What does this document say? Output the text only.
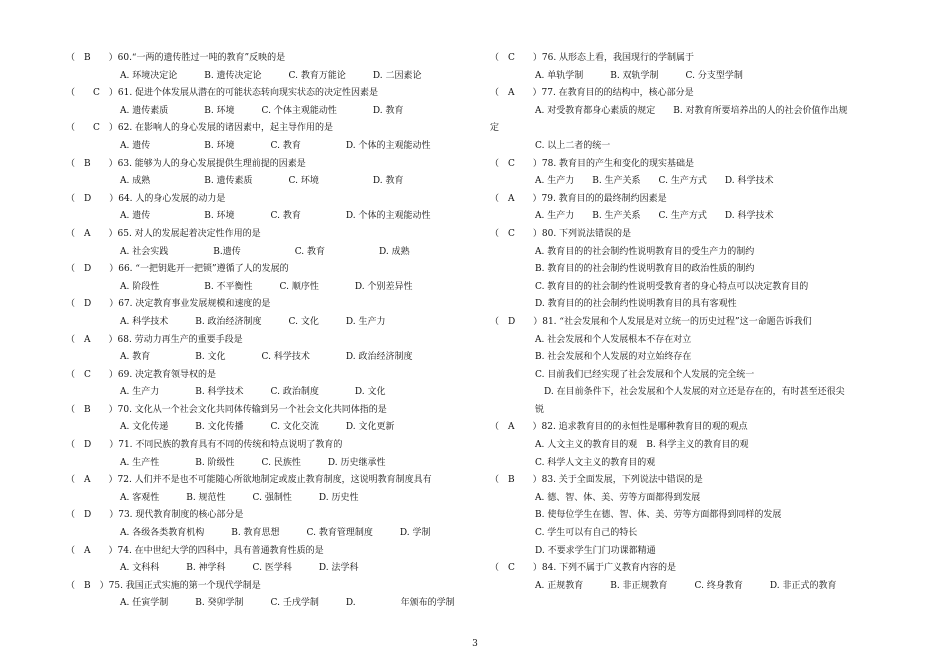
（　B　　）60.“一两的遗传胜过一吨的教育”反映的是
　　　　　　A. 环境决定论　　　B. 遗传决定论　　　C. 教育万能论　　　D. 二因素论
（　　C　）61. 促进个体发展从潜在的可能状态转向现实状态的决定性因素是
　　　　　　A. 遗传素质　　　　B. 环境　　　C. 个体主观能动性　　　　D. 教育
（　　C　）62. 在影响人的身心发展的诸因素中，起主导作用的是
　　　　　　A. 遗传　　　　　　B. 环境　　　　C. 教育　　　　　D. 个体的主观能动性
（　B　　）63. 能够为人的身心发展提供生理前提的因素是
　　　　　　A. 成熟　　　　　　B. 遗传素质　　　　C. 环境　　　　　　D. 教育
（　D　　）64. 人的身心发展的动力是
　　　　　　A. 遗传　　　　　　B. 环境　　　　C. 教育　　　　　D. 个体的主观能动性
（　A　　）65. 对人的发展起着决定性作用的是
　　　　　　A. 社会实践　　　　　B.遗传　　　　　　C. 教育　　　　　　D. 成熟
（　D　　）66. “一把钥匙开一把锁”遵循了人的发展的
　　　　　　A. 阶段性　　　　　B. 不平衡性　　　C. 顺序性　　　　D. 个别差异性
（　D　　）67. 决定教育事业发展规模和速度的是
　　　　　　A. 科学技术　　　B. 政治经济制度　　　C. 文化　　　D. 生产力
（　A　　）68. 劳动力再生产的重要手段是
　　　　　　A. 教育　　　　　B. 文化　　　　C. 科学技术　　　　D. 政治经济制度
（　C　　）69. 决定教育领导权的是
　　　　　　A. 生产力　　　　B. 科学技术　　　C. 政治制度　　　　D. 文化
（　B　　）70. 文化从一个社会文化共同体传输到另一个社会文化共同体指的是
　　　　　　A. 文化传递　　　B. 文化传播　　　C. 文化交流　　　D. 文化更新
（　D　　）71. 不同民族的教育具有不同的传统和特点说明了教育的
　　　　　　A. 生产性　　　　B. 阶级性　　　C. 民族性　　　D. 历史继承性
（　A　　）72. 人们并不是也不可能随心所欲地制定或废止教育制度，这说明教育制度具有
　　　　　　A. 客观性　　　B. 规范性　　　C. 强制性　　　D. 历史性
（　D　　）73. 现代教育制度的核心部分是
　　　　　　A. 各级各类教育机构　　　B. 教育思想　　　C. 教育管理制度　　　D. 学制
（　A　　）74. 在中世纪大学的四科中，具有普通教育性质的是
　　　　　　A. 文科科　　　B. 神学科　　　C. 医学科　　　D. 法学科
（　B　）75. 我国正式实施的第一个现代学制是
　　　　　　A. 任寅学制　　　B. 癸卯学制　　　C. 壬戌学制　　　D.　　　　　年颁布的学制
（　C　　）76. 从形态上看，我国现行的学制属于
　　　　　A. 单轨学制　　　B. 双轨学制　　　C. 分支型学制
（　A　　）77. 在教育目的的结构中，核心部分是
　　　　　A. 对受教育都身心素质的规定　　B. 对教育所要培养出的人的社会价值作出规
定
　　　　　C. 以上二者的统一
（　C　　）78. 教育目的产生和变化的现实基础是
　　　　　A. 生产力　　B. 生产关系　　C. 生产方式　　D. 科学技术
（　A　　）79. 教育目的的最终制约因素是
　　　　　A. 生产力　　B. 生产关系　　C. 生产方式　　D. 科学技术
（　C　　）80. 下列说法错误的是
　　　　　A. 教育目的的社会制约性说明教育目的受生产力的制约
　　　　　B. 教育目的的社会制约性说明教育目的政治性质的制约
　　　　　C. 教育目的的社会制约性说明受教育者的身心特点可以决定教育目的
　　　　　D. 教育目的的社会制约性说明教育目的具有客观性
（　D　　）81. “社会发展和个人发展是对立统一的历史过程”这一命题告诉我们
　　　　　A. 社会发展和个人发展根本不存在对立
　　　　　B. 社会发展和个人发展的对立始终存在
　　　　　C. 目前我们已经实现了社会发展和个人发展的完全统一
　　　　　　D. 在目前条件下，社会发展和个人发展的对立还是存在的，有时甚至还很尖
　　　　　锐
（　A　　）82. 追求教育目的的永恒性是哪种教育目的观的观点
　　　　　A. 人文主义的教育目的观　B. 科学主义的教育目的观
　　　　　C. 科学人文主义的教育目的观
（　B　　）83. 关于全面发展，下列说法中错误的是
　　　　　A. 德、智、体、美、劳等方面都得到发展
　　　　　B. 使每位学生在德、智、体、美、劳等方面都得到同样的发展
　　　　　C. 学生可以有自己的特长
　　　　　D. 不要求学生门门功课都精通
（　C　　）84. 下列不属于广义教育内容的是
　　　　　A. 正规教育　　　B. 非正规教育　　　C. 终身教育　　　D. 非正式的教育
3
